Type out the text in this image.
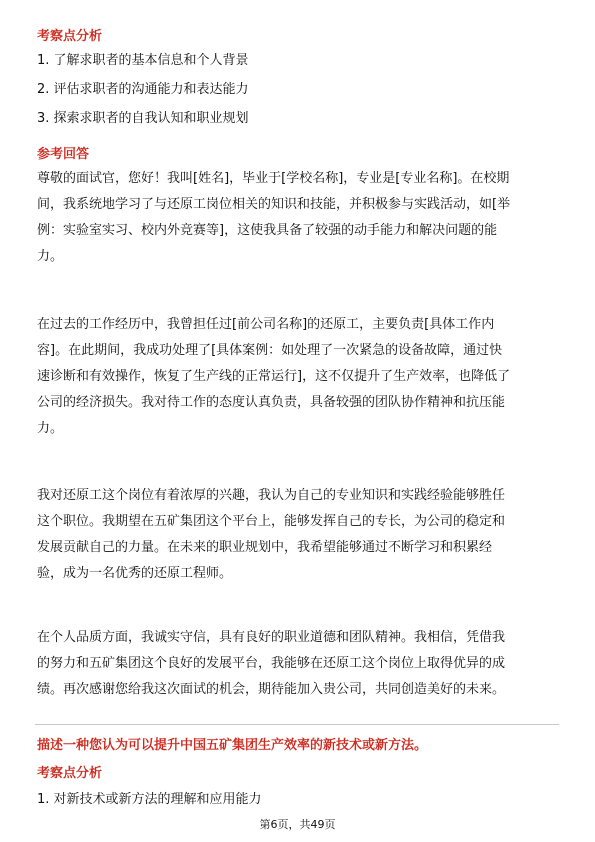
考察点分析
1. 了解求职者的基本信息和个人背景
2. 评估求职者的沟通能力和表达能力
3. 探索求职者的自我认知和职业规划
参考回答
尊敬的面试官，您好！我叫[姓名]，毕业于[学校名称]，专业是[专业名称]。在校期
间，我系统地学习了与还原工岗位相关的知识和技能，并积极参与实践活动，如[举
例：实验室实习、校内外竞赛等]，这使我具备了较强的动手能力和解决问题的能
力。
在过去的工作经历中，我曾担任过[前公司名称]的还原工，主要负责[具体工作内
容]。在此期间，我成功处理了[具体案例：如处理了一次紧急的设备故障，通过快
速诊断和有效操作，恢复了生产线的正常运行]，这不仅提升了生产效率，也降低了
公司的经济损失。我对待工作的态度认真负责，具备较强的团队协作精神和抗压能
力。
我对还原工这个岗位有着浓厚的兴趣，我认为自己的专业知识和实践经验能够胜任
这个职位。我期望在五矿集团这个平台上，能够发挥自己的专长，为公司的稳定和
发展贡献自己的力量。在未来的职业规划中，我希望能够通过不断学习和积累经
验，成为一名优秀的还原工程师。
在个人品质方面，我诚实守信，具有良好的职业道德和团队精神。我相信，凭借我
的努力和五矿集团这个良好的发展平台，我能够在还原工这个岗位上取得优异的成
绩。再次感谢您给我这次面试的机会，期待能加入贵公司，共同创造美好的未来。
描述一种您认为可以提升中国五矿集团生产效率的新技术或新方法。
考察点分析
1. 对新技术或新方法的理解和应用能力
第6页，共49页
